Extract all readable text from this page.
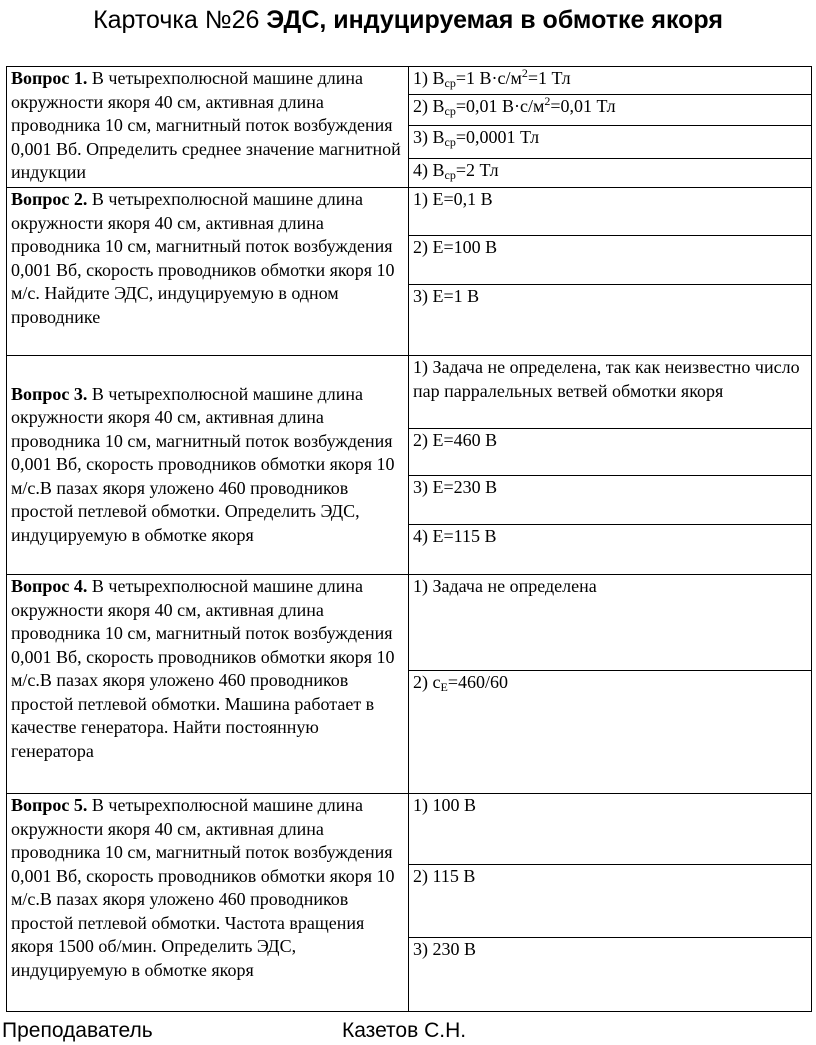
Карточка №26 ЭДС, индуцируемая в обмотке якоря
Вопрос 1. В четырехполюсной машине длина окружности якоря 40 см, активная длина проводника 10 см, магнитный поток возбуждения 0,001 Вб. Определить среднее значение магнитной индукции	1) $B_{ср}=1$ $В\cdot с/м^2=1$ Тл
	2) $B_{ср}=0,01$ $В\cdot с/м^2=0,01$ Тл
	3) $B_{ср}=0,0001$ Тл
	4) $B_{ср}=2$ Тл
Вопрос 2. В четырехполюсной машине длина окружности якоря 40 см, активная длина проводника 10 см, магнитный поток возбуждения 0,001 Вб, скорость проводников обмотки якоря 10 м/с. Найдите ЭДС, индуцируемую в одном проводнике	1) E=0,1 B
	2) E=100 B
	3) E=1 B
Вопрос 3. В четырехполюсной машине длина окружности якоря 40 см, активная длина проводника 10 см, магнитный поток возбуждения 0,001 Вб, скорость проводников обмотки якоря 10 м/с.В пазах якоря уложено 460 проводников простой петлевой обмотки. Определить ЭДС, индуцируемую в обмотке якоря	1) Задача не определена, так как неизвестно число пар парралельных ветвей обмотки якоря
	2) E=460 B
	3) E=230 B
	4) E=115 B
Вопрос 4. В четырехполюсной машине длина окружности якоря 40 см, активная длина проводника 10 см, магнитный поток возбуждения 0,001 Вб, скорость проводников обмотки якоря 10 м/с.В пазах якоря уложено 460 проводников простой петлевой обмотки. Машина работает в качестве генератора. Найти постоянную генератора	1) Задача не определена
	2) $c_E=460/60$
Вопрос 5. В четырехполюсной машине длина окружности якоря 40 см, активная длина проводника 10 см, магнитный поток возбуждения 0,001 Вб, скорость проводников обмотки якоря 10 м/с.В пазах якоря уложено 460 проводников простой петлевой обмотки. Частота вращения якоря 1500 об/мин. Определить ЭДС, индуцируемую в обмотке якоря	1) 100 В
	2) 115 В
	3) 230 В
Преподаватель	Казетов С.Н.
